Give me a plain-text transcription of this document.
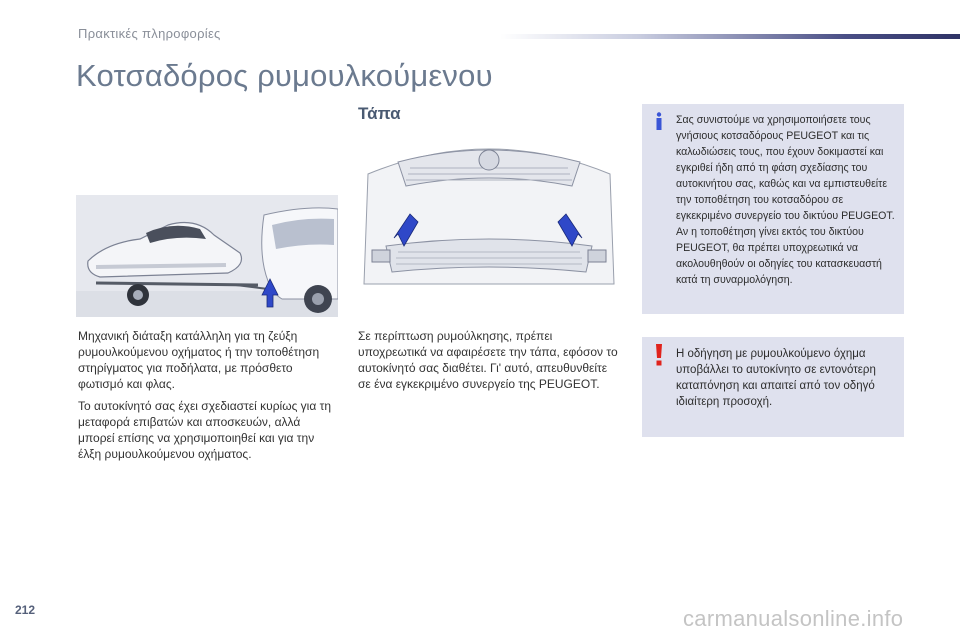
Πρακτικές πληροφορίες
Κοτσαδόρος ρυμουλκούμενου

Μηχανική διάταξη κατάλληλη για τη ζεύξη ρυμουλκούμενου οχήματος ή την τοποθέτηση στηρίγματος για ποδήλατα, με πρόσθετο φωτισμό και φλας.

Το αυτοκίνητό σας έχει σχεδιαστεί κυρίως για τη μεταφορά επιβατών και αποσκευών, αλλά μπορεί επίσης να χρησιμοποιηθεί και για την έλξη ρυμουλκούμενου οχήματος.

Τάπα

Σε περίπτωση ρυμούλκησης, πρέπει υποχρεωτικά να αφαιρέσετε την τάπα, εφόσον το αυτοκίνητό σας διαθέτει. Γι' αυτό, απευθυνθείτε σε ένα εγκεκριμένο συνεργείο της PEUGEOT.

Σας συνιστούμε να χρησιμοποιήσετε τους γνήσιους κοτσαδόρους PEUGEOT και τις καλωδιώσεις τους, που έχουν δοκιμαστεί και εγκριθεί ήδη από τη φάση σχεδίασης του αυτοκινήτου σας, καθώς και να εμπιστευθείτε την τοποθέτηση του κοτσαδόρου σε εγκεκριμένο συνεργείο του δικτύου PEUGEOT. Αν η τοποθέτηση γίνει εκτός του δικτύου PEUGEOT, θα πρέπει υποχρεωτικά να ακολουθηθούν οι οδηγίες του κατασκευαστή κατά τη συναρμολόγηση.

Η οδήγηση με ρυμουλκούμενο όχημα υποβάλλει το αυτοκίνητο σε εντονότερη καταπόνηση και απαιτεί από τον οδηγό ιδιαίτερη προσοχή.

212	carmanualsonline.info
